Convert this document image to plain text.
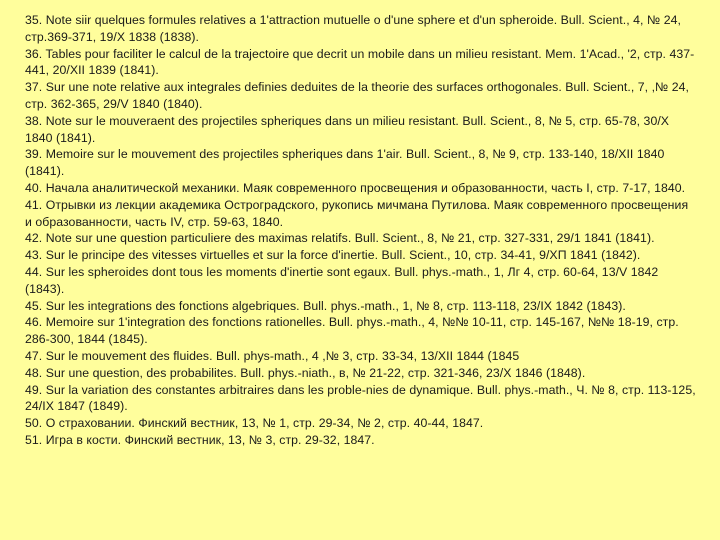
35. Note siir quelques formules relatives a 1'attraction mutuelle o d'une sphere et d'un spheroide. Bull. Scient., 4, № 24, стр.369-371, 19/X 1838 (1838).
36. Tables pour faciliter le calcul de la trajectoire que decrit un mobile dans un milieu resistant. Mem. 1'Acad., '2, стр. 437-441, 20/XII 1839 (1841).
37. Sur une note relative aux integrales definies deduites de la theorie des surfaces orthogonales. Bull. Scient., 7, ,№ 24, стр. 362-365, 29/V 1840 (1840).
38. Note sur le mouveraent des projectiles spheriques dans un milieu resistant. Bull. Scient., 8, № 5, стр. 65-78, 30/X 1840 (1841).
39. Memoire sur le mouvement des projectiles spheriques dans 1'air. Bull. Scient., 8, № 9, стр. 133-140, 18/XII 1840 (1841).
40. Начала аналитической механики. Маяк современного просвещения и образованности, часть I, стр. 7-17, 1840.
41. Отрывки из лекции академика Остроградского, рукопись мичмана Путилова. Маяк современного просвещения и образованности, часть IV, стр. 59-63, 1840.
42. Note sur une question particuliere des maximas relatifs. Bull. Scient., 8, № 21, стр. 327-331, 29/1 1841 (1841).
43. Sur le principe des vitesses virtuelles et sur la force d'inertie. Bull. Scient., 10, стр. 34-41, 9/ХП 1841 (1842).
44. Sur les spheroides dont tous les moments d'inertie sont egaux. Bull. phys.-math., 1, Лг 4, стр. 60-64, 13/V 1842 (1843).
45. Sur les integrations des fonctions algebriques. Bull. phys.-math., 1, № 8, стр. 113-118, 23/IX 1842 (1843).
46. Memoire sur 1'integration des fonctions rationelles. Bull. phys.-math., 4, №№ 10-11, стр. 145-167, №№ 18-19, стр. 286-300, 1844 (1845).
47. Sur le mouvement des fluides. Bull. phys-math., 4 ,№ 3, стр. 33-34, 13/XII 1844 (1845
48. Sur une question, des probabilites. Bull. phys.-niath., в, № 21-22, стр. 321-346, 23/X 1846 (1848).
49. Sur la variation des constantes arbitraires dans les proble-nies de dynamique. Bull. phys.-math., Ч. № 8, стр. 113-125, 24/IX 1847 (1849).
50. О страховании. Финский вестник, 13, № 1, стр. 29-34, № 2, стр. 40-44, 1847.
51. Игра в кости. Финский вестник, 13, № 3, стр. 29-32, 1847.
